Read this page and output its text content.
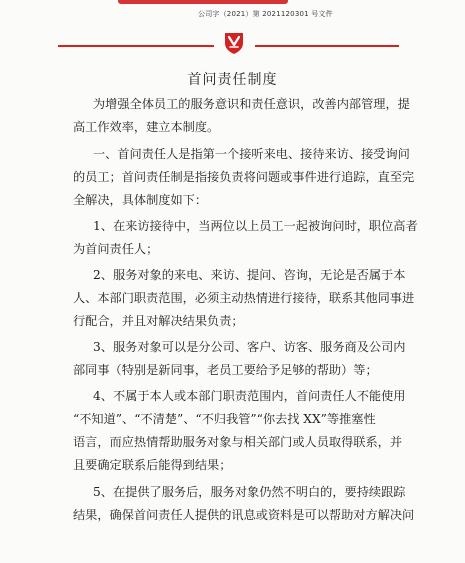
公司字（2021）第 2021120301 号文件
首问责任制度
为增强全体员工的服务意识和责任意识，改善内部管理，提
高工作效率，建立本制度。
一、首问责任人是指第一个接听来电、接待来访、接受询问
的员工；首问责任制是指接负责将问题或事件进行追踪，直至完
全解决，具体制度如下：
1、在来访接待中，当两位以上员工一起被询问时，职位高者
为首问责任人；
2、服务对象的来电、来访、提问、咨询，无论是否属于本
人、本部门职责范围，必须主动热情进行接待，联系其他同事进
行配合，并且对解决结果负责；
3、服务对象可以是分公司、客户、访客、服务商及公司内
部同事（特别是新同事，老员工要给予足够的帮助）等；
4、不属于本人或本部门职责范围内，首问责任人不能使用
“不知道”、“不清楚”、“不归我管”“你去找 XX”等推塞性
语言，而应热情帮助服务对象与相关部门或人员取得联系，并
且要确定联系后能得到结果；
5、在提供了服务后，服务对象仍然不明白的，要持续跟踪
结果，确保首问责任人提供的讯息或资料是可以帮助对方解决问
